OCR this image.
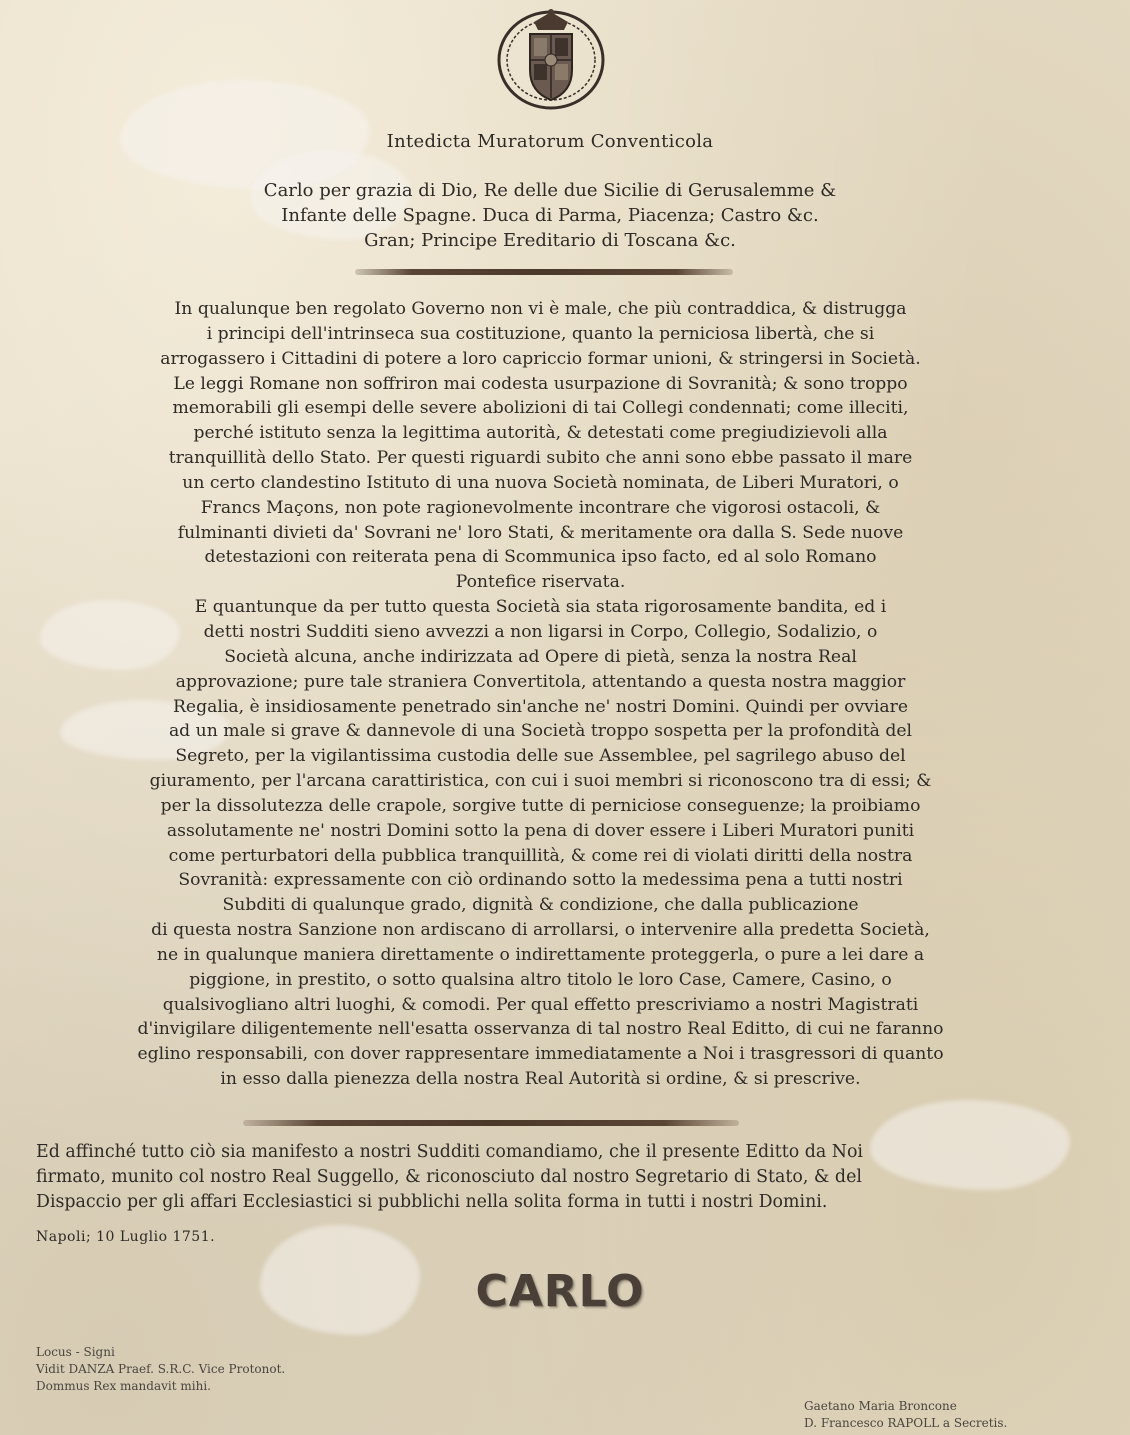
Intedicta Muratorum Conventicola
Carlo per grazia di Dio, Re delle due Sicilie di Gerusalemme &
Infante delle Spagne. Duca di Parma, Piacenza; Castro &c.
Gran; Principe Ereditario di Toscana &c.

In qualunque ben regolato Governo non vi è male, che più contraddica, & distrugga
i principi dell'intrinseca sua costituzione, quanto la perniciosa libertà, che si
arrogassero i Cittadini di potere a loro capriccio formar unioni, & stringersi in Società.
Le leggi Romane non soffriron mai codesta usurpazione di Sovranità; & sono troppo
memorabili gli esempi delle severe abolizioni di tai Collegi condennati; come illeciti,
perché istituto senza la legittima autorità, & detestati come pregiudizievoli alla
tranquillità dello Stato. Per questi riguardi subito che anni sono ebbe passato il mare
un certo clandestino Istituto di una nuova Società nominata, de Liberi Muratori, o
Francs Maçons, non pote ragionevolmente incontrare che vigorosi ostacoli, &
fulminanti divieti da' Sovrani ne' loro Stati, & meritamente ora dalla S. Sede nuove
detestazioni con reiterata pena di Scommunica ipso facto, ed al solo Romano
Pontefice riservata.

E quantunque da per tutto questa Società sia stata rigorosamente bandita, ed i
detti nostri Sudditi sieno avvezzi a non ligarsi in Corpo, Collegio, Sodalizio, o
Società alcuna, anche indirizzata ad Opere di pietà, senza la nostra Real
approvazione; pure tale straniera Convertitola, attentando a questa nostra maggior
Regalia, è insidiosamente penetrado sin'anche ne' nostri Domini. Quindi per ovviare
ad un male si grave & dannevole di una Società troppo sospetta per la profondità del
Segreto, per la vigilantissima custodia delle sue Assemblee, pel sagrilego abuso del
giuramento, per l'arcana carattiristica, con cui i suoi membri si riconoscono tra di essi; &
per la dissolutezza delle crapole, sorgive tutte di perniciose conseguenze; la proibiamo
assolutamente ne' nostri Domini sotto la pena di dover essere i Liberi Muratori puniti
come perturbatori della pubblica tranquillità, & come rei di violati diritti della nostra
Sovranità: expressamente con ciò ordinando sotto la medessima pena a tutti nostri
Subditi di qualunque grado, dignità & condizione, che dalla publicazione
di questa nostra Sanzione non ardiscano di arrollarsi, o intervenire alla predetta Società,
ne in qualunque maniera direttamente o indirettamente proteggerla, o pure a lei dare a
piggione, in prestito, o sotto qualsina altro titolo le loro Case, Camere, Casino, o
qualsivogliano altri luoghi, & comodi. Per qual effetto prescriviamo a nostri Magistrati
d'invigilare diligentemente nell'esatta osservanza di tal nostro Real Editto, di cui ne faranno
eglino responsabili, con dover rappresentare immediatamente a Noi i trasgressori di quanto
in esso dalla pienezza della nostra Real Autorità si ordine, & si prescrive.

Ed affinché tutto ciò sia manifesto a nostri Sudditi comandiamo, che il presente Editto da Noi
firmato, munito col nostro Real Suggello, & riconosciuto dal nostro Segretario di Stato, & del
Dispaccio per gli affari Ecclesiastici si pubblichi nella solita forma in tutti i nostri Domini.
Napoli; 10 Luglio 1751.
CARLO
Locus - Signi
Vidit DANZA Praef. S.R.C. Vice Protonot.
Dommus Rex mandavit mihi.
Gaetano Maria Broncone
D. Francesco RAPOLL a Secretis.
